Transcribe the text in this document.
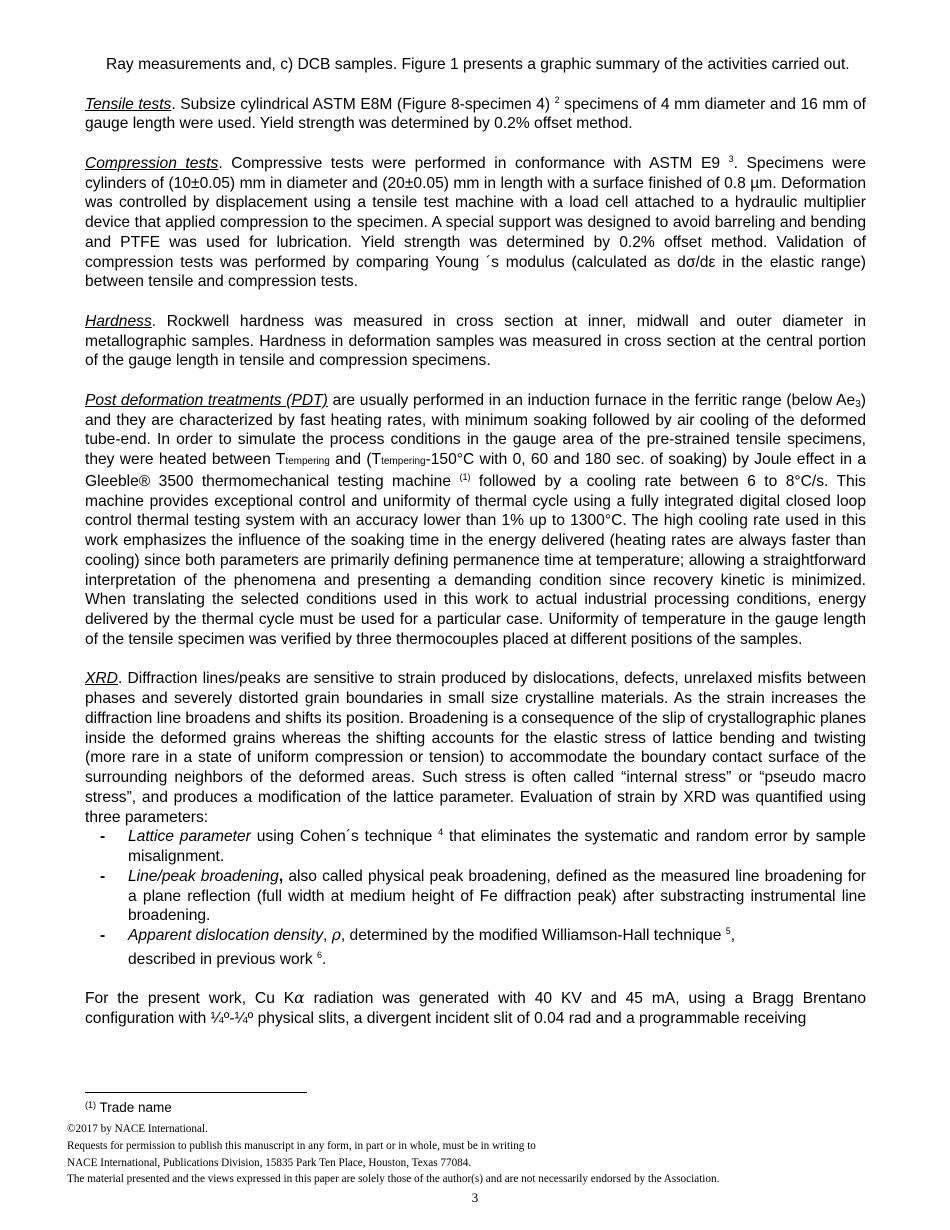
Ray measurements and, c) DCB samples. Figure 1 presents a graphic summary of the activities carried out.

Tensile tests. Subsize cylindrical ASTM E8M (Figure 8-specimen 4) $^2$ specimens of 4 mm diameter and 16 mm of gauge length were used. Yield strength was determined by 0.2% offset method.

Compression tests. Compressive tests were performed in conformance with ASTM E9 $^3$. Specimens were cylinders of (10±0.05) mm in diameter and (20±0.05) mm in length with a surface finished of 0.8 µm. Deformation was controlled by displacement using a tensile test machine with a load cell attached to a hydraulic multiplier device that applied compression to the specimen. A special support was designed to avoid barreling and bending and PTFE was used for lubrication. Yield strength was determined by 0.2% offset method. Validation of compression tests was performed by comparing Young ´s modulus (calculated as dσ/dε in the elastic range) between tensile and compression tests.

Hardness. Rockwell hardness was measured in cross section at inner, midwall and outer diameter in metallographic samples. Hardness in deformation samples was measured in cross section at the central portion of the gauge length in tensile and compression specimens.

Post deformation treatments (PDT) are usually performed in an induction furnace in the ferritic range (below $Ae_3$) and they are characterized by fast heating rates, with minimum soaking followed by air cooling of the deformed tube-end. In order to simulate the process conditions in the gauge area of the pre-strained tensile specimens, they were heated between Ttempering and (Ttempering-150°C with 0, 60 and 180 sec. of soaking) by Joule effect in a Gleeble® 3500 thermomechanical testing machine $^{(1)}$ followed by a cooling rate between 6 to 8°C/s. This machine provides exceptional control and uniformity of thermal cycle using a fully integrated digital closed loop control thermal testing system with an accuracy lower than 1% up to 1300°C. The high cooling rate used in this work emphasizes the influence of the soaking time in the energy delivered (heating rates are always faster than cooling) since both parameters are primarily defining permanence time at temperature; allowing a straightforward interpretation of the phenomena and presenting a demanding condition since recovery kinetic is minimized. When translating the selected conditions used in this work to actual industrial processing conditions, energy delivered by the thermal cycle must be used for a particular case. Uniformity of temperature in the gauge length of the tensile specimen was verified by three thermocouples placed at different positions of the samples.

XRD. Diffraction lines/peaks are sensitive to strain produced by dislocations, defects, unrelaxed misfits between phases and severely distorted grain boundaries in small size crystalline materials. As the strain increases the diffraction line broadens and shifts its position. Broadening is a consequence of the slip of crystallographic planes inside the deformed grains whereas the shifting accounts for the elastic stress of lattice bending and twisting (more rare in a state of uniform compression or tension) to accommodate the boundary contact surface of the surrounding neighbors of the deformed areas. Such stress is often called “internal stress” or “pseudo macro stress”, and produces a modification of the lattice parameter. Evaluation of strain by XRD was quantified using three parameters:

- Lattice parameter using Cohen´s technique $^4$ that eliminates the systematic and random error by sample misalignment.
- Line/peak broadening, also called physical peak broadening, defined as the measured line broadening for a plane reflection (full width at medium height of Fe diffraction peak) after substracting instrumental line broadening.
- Apparent dislocation density, ρ, determined by the modified Williamson-Hall technique $^5$,
described in previous work $^6$.

For the present work, Cu Kα radiation was generated with 40 KV and 45 mA, using a Bragg Brentano configuration with ¼º-¼º physical slits, a divergent incident slit of 0.04 rad and a programmable receiving

$^{(1)}$ Trade name
©2017 by NACE International.
Requests for permission to publish this manuscript in any form, in part or in whole, must be in writing to
NACE International, Publications Division, 15835 Park Ten Place, Houston, Texas 77084.
The material presented and the views expressed in this paper are solely those of the author(s) and are not necessarily endorsed by the Association.
3
